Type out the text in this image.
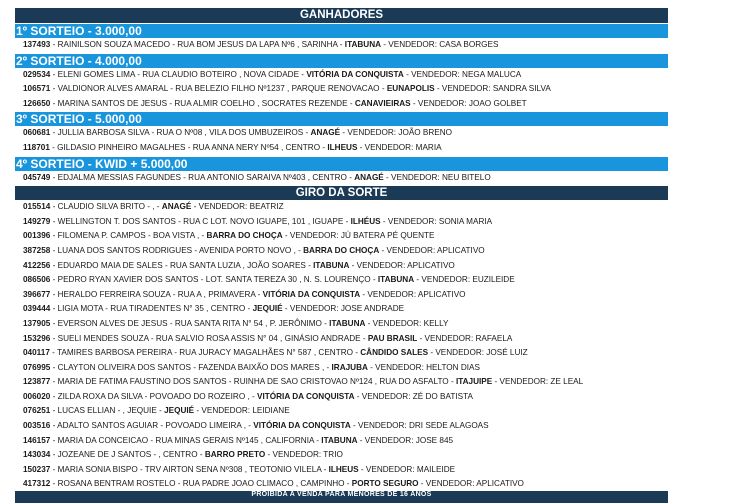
GANHADORES
1º SORTEIO - 3.000,00
137493 - RAINILSON SOUZA MACEDO - RUA BOM JESUS DA LAPA Nº6 , SARINHA - ITABUNA - VENDEDOR: CASA BORGES
2º SORTEIO - 4.000,00
029534 - ELENI GOMES LIMA - RUA CLAUDIO BOTEIRO , NOVA CIDADE - VITÓRIA DA CONQUISTA - VENDEDOR: NEGA MALUCA
106571 - VALDIONOR ALVES AMARAL - RUA BELEZIO FILHO Nº1237 , PARQUE RENOVACAO - EUNAPOLIS - VENDEDOR: SANDRA SILVA
126650 - MARINA SANTOS DE JESUS - RUA ALMIR COELHO , SOCRATES REZENDE - CANAVIEIRAS - VENDEDOR: JOAO GOLBET
3º SORTEIO - 5.000,00
060681 - JULLIA BARBOSA SILVA - RUA O Nº08 , VILA DOS UMBUZEIROS - ANAGÉ - VENDEDOR: JOÃO BRENO
118701 - GILDASIO PINHEIRO MAGALHES - RUA ANNA NERY Nº54 , CENTRO - ILHEUS - VENDEDOR: MARIA
4º SORTEIO - KWID + 5.000,00
045749 - EDJALMA MESSIAS FAGUNDES - RUA ANTONIO SARAIVA Nº403 , CENTRO - ANAGÉ - VENDEDOR: NEU BITELO
GIRO DA SORTE
015514 - CLAUDIO SILVA BRITO - , - ANAGÉ - VENDEDOR: BEATRIZ
149279 - WELLINGTON T. DOS SANTOS - RUA C LOT. NOVO IGUAPE, 101 , IGUAPE - ILHÉUS - VENDEDOR: SONIA MARIA
001396 - FILOMENA P. CAMPOS - BOA VISTA , - BARRA DO CHOÇA - VENDEDOR: JÚ BATERA PÉ QUENTE
387258 - LUANA DOS SANTOS RODRIGUES - AVENIDA PORTO NOVO , - BARRA DO CHOÇA - VENDEDOR: APLICATIVO
412256 - EDUARDO MAIA DE SALES - RUA SANTA LUZIA , JOÃO SOARES - ITABUNA - VENDEDOR: APLICATIVO
086506 - PEDRO RYAN XAVIER DOS SANTOS - LOT. SANTA TEREZA 30 , N. S. LOURENÇO - ITABUNA - VENDEDOR: EUZILEIDE
396677 - HERALDO FERREIRA SOUZA - RUA A , PRIMAVERA - VITÓRIA DA CONQUISTA - VENDEDOR: APLICATIVO
039444 - LIGIA MOTA - RUA TIRADENTES N° 35 , CENTRO - JEQUIÉ - VENDEDOR: JOSE ANDRADE
137905 - EVERSON ALVES DE JESUS - RUA SANTA RITA N° 54 , P. JERÔNIMO - ITABUNA - VENDEDOR: KELLY
153296 - SUELI MENDES SOUZA - RUA SALVIO ROSA ASSIS N° 04 , GINÁSIO ANDRADE - PAU BRASIL - VENDEDOR: RAFAELA
040117 - TAMIRES BARBOSA PEREIRA - RUA JURACY MAGALHÃES N° 587 , CENTRO - CÂNDIDO SALES - VENDEDOR: JOSÉ LUIZ
076995 - CLAYTON OLIVEIRA DOS SANTOS - FAZENDA BAIXÃO DOS MARES , - IRAJUBA - VENDEDOR: HELTON DIAS
123877 - MARIA DE FATIMA FAUSTINO DOS SANTOS - RUINHA DE SAO CRISTOVAO Nº124 , RUA DO ASFALTO - ITAJUIPE - VENDEDOR: ZE LEAL
006020 - ZILDA ROXA DA SILVA - POVOADO DO ROZEIRO , - VITÓRIA DA CONQUISTA - VENDEDOR: ZÉ DO BATISTA
076251 - LUCAS ELLIAN - , JEQUIE - JEQUIÉ - VENDEDOR: LEIDIANE
003516 - ADALTO SANTOS AGUIAR - POVOADO LIMEIRA , - VITÓRIA DA CONQUISTA - VENDEDOR: DRI SEDE ALAGOAS
146157 - MARIA DA CONCEICAO - RUA MINAS GERAIS Nº145 , CALIFORNIA - ITABUNA - VENDEDOR: JOSE 845
143034 - JOZEANE DE J SANTOS - , CENTRO - BARRO PRETO - VENDEDOR: TRIO
150237 - MARIA SONIA BISPO - TRV AIRTON SENA Nº308 , TEOTONIO VILELA - ILHEUS - VENDEDOR: MAILEIDE
417312 - ROSANA BENTRAM ROSTELO - RUA PADRE JOAO CLIMACO , CAMPINHO - PORTO SEGURO - VENDEDOR: APLICATIVO
PROIBIDA A VENDA PARA MENORES DE 16 ANOS
